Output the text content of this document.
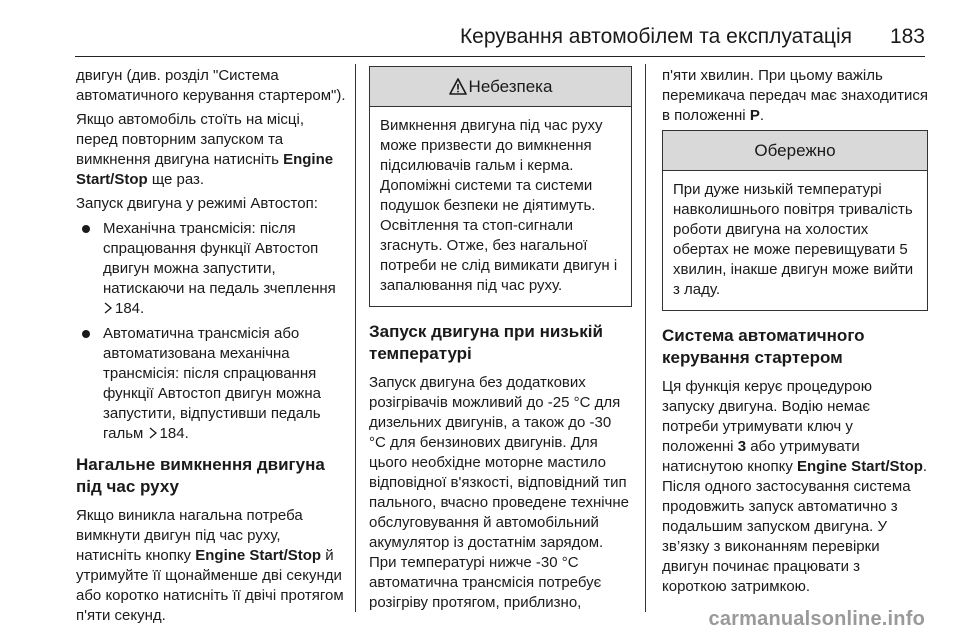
Керування автомобілем та експлуатація 183

двигун (див. розділ "Система автоматичного керування стартером").

Якщо автомобіль стоїть на місці, перед повторним запуском та вимкнення двигуна натисніть Engine Start/Stop ще раз.

Запуск двигуна у режимі Автостоп:

Механічна трансмісія: після спрацювання функції Автостоп двигун можна запустити, натискаючи на педаль зчеплення 184.
Автоматична трансмісія або автоматизована механічна трансмісія: після спрацювання функції Автостоп двигун можна запустити, відпустивши педаль гальм 184.
Нагальне вимкнення двигуна під час руху

Якщо виникла нагальна потреба вимкнути двигун під час руху, натисніть кнопку Engine Start/Stop й утримуйте її щонайменше дві секунди або коротко натисніть її двічі протягом п'яти секунд.

Небезпека
Вимкнення двигуна під час руху може призвести до вимкнення підсилювачів гальм і керма. Допоміжні системи та системи подушок безпеки не діятимуть. Освітлення та стоп-сигнали згаснуть. Отже, без нагальної потреби не слід вимикати двигун і запалювання під час руху.
Запуск двигуна при низькій температурі

Запуск двигуна без додаткових розігрівачів можливий до -25 °C для дизельних двигунів, а також до -30 °C для бензинових двигунів. Для цього необхідне моторне мастило відповідної в'язкості, відповідний тип пального, вчасно проведене технічне обслуговування й автомобільний акумулятор із достатнім зарядом. При температурі нижче -30 °C автоматична трансмісія потребує розігріву протягом, приблизно,

п'яти хвилин. При цьому важіль перемикача передач має знаходитися в положенні P.

Обережно
При дуже низькій температурі навколишнього повітря тривалість роботи двигуна на холостих обертах не може перевищувати 5 хвилин, інакше двигун може вийти з ладу.
Система автоматичного керування стартером

Ця функція керує процедурою запуску двигуна. Водію немає потреби утримувати ключ у положенні 3 або утримувати натиснутою кнопку Engine Start/Stop. Після одного застосування система продовжить запуск автоматично з подальшим запуском двигуна. У зв’язку з виконанням перевірки двигун починає працювати з короткою затримкою.

carmanualsonline.info
